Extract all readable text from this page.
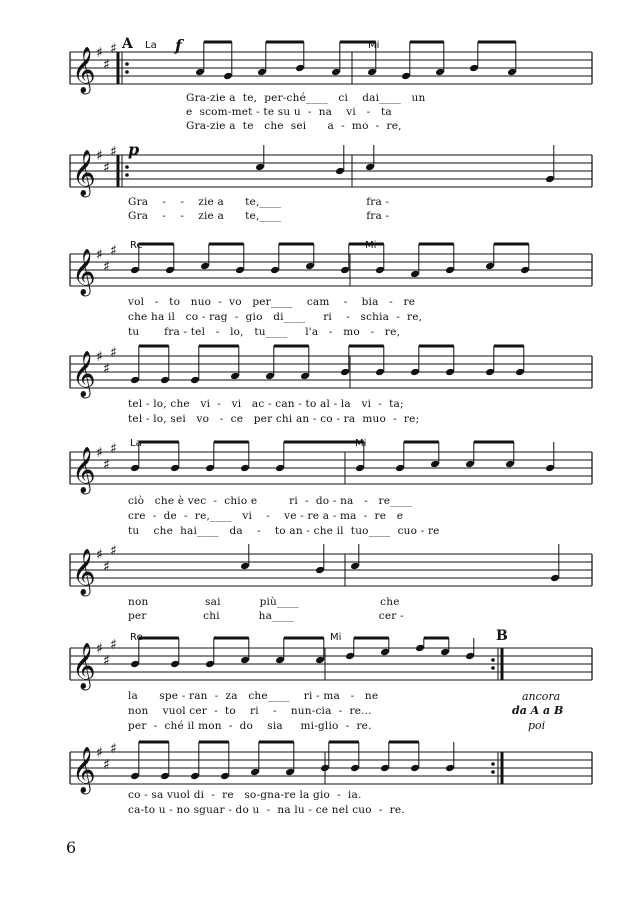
𝄞 ♯
♯
♯
𝄞 ♯
♯
♯
𝄞 ♯
♯
♯
𝄞 ♯
♯
♯
𝄞 ♯
♯
♯
𝄞 ♯
♯
♯
𝄞 ♯
♯
♯
𝄞 ♯
♯
♯
A	f
p
B
La	Mi
Re	Mi
La	Mi
Re	Mi
Gra-zie a  te,  per-ché____   ci    dai____   un
e  scom-met - te su u  -  na    vi   -   ta
Gra-zie a  te   che  sei      a  -  mo  -  re,
Gra    -    -    zie a      te,____                        fra -
Gra    -    -    zie a      te,____                        fra -
vol   -   to   nuo  -  vo   per____    cam    -    bia   -   re
che ha il   co - rag  -  gio   di____     ri    -   schia  -  re,
tu       fra - tel   -   lo,   tu____     l'a   -   mo   -   re,
tel - lo, che   vi  -   vi   ac - can - to al - la   vi  -  ta;
tel - lo, sei   vo   -  ce   per chi an - co - ra  muo  -  re;
ciò   che è vec  -  chio e         ri  -  do - na   -   re____
cre  -  de  -  re,____   vi    -    ve - re a - ma  -  re   e
tu    che  hai____   da    -    to an - che il  tuo____  cuo - re
non                sai           più____                       che
per                chi           ha____                        cer -
la      spe - ran  -  za   che____    ri - ma   -   ne
non    vuol cer  -  to    ri    -    nun-cia  -  re...
per  -  ché il mon  -  do    sia     mi-glio  -  re.
ancora
da A a B
poi
co - sa vuol di  -  re   so-gna-re la gio  -  ia.
ca-to u - no sguar - do u  -  na lu - ce nel cuo  -  re.
6
